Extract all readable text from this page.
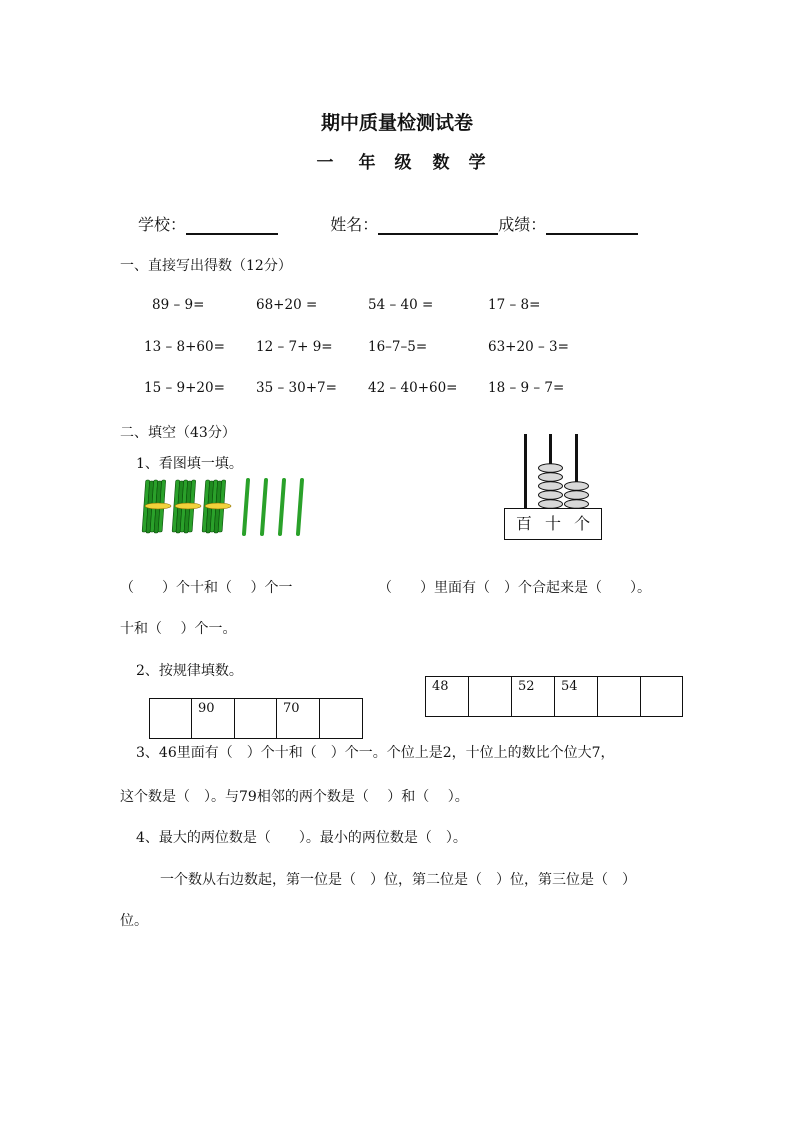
期中质量检测试卷
一 年 级 数 学
学校：	姓名：	成绩：
一、直接写出得数（12分）
89 – 9=	68+20 =	54 – 40 =	17 – 8=
13 – 8+60= 12 – 7+ 9=	16–7–5=	63+20 – 3=
15 – 9+20= 35 – 30+7= 42 – 40+60= 18 – 9 – 7=
二、填空（43分）
1、看图填一填。
百 十 个
（　　）个十和（　 ）个一	（　　）里面有（　）个合起来是（　　）。
十和（　 ）个一。
2、按规律填数。
	90		70	
48		52	54		
3、46里面有（　）个十和（　）个一。个位上是2，十位上的数比个位大7，
这个数是（　）。与79相邻的两个数是（　 ）和（　 ）。
4、最大的两位数是（　　）。最小的两位数是（　）。
一个数从右边数起，第一位是（　）位，第二位是（　）位，第三位是（　）
位。
